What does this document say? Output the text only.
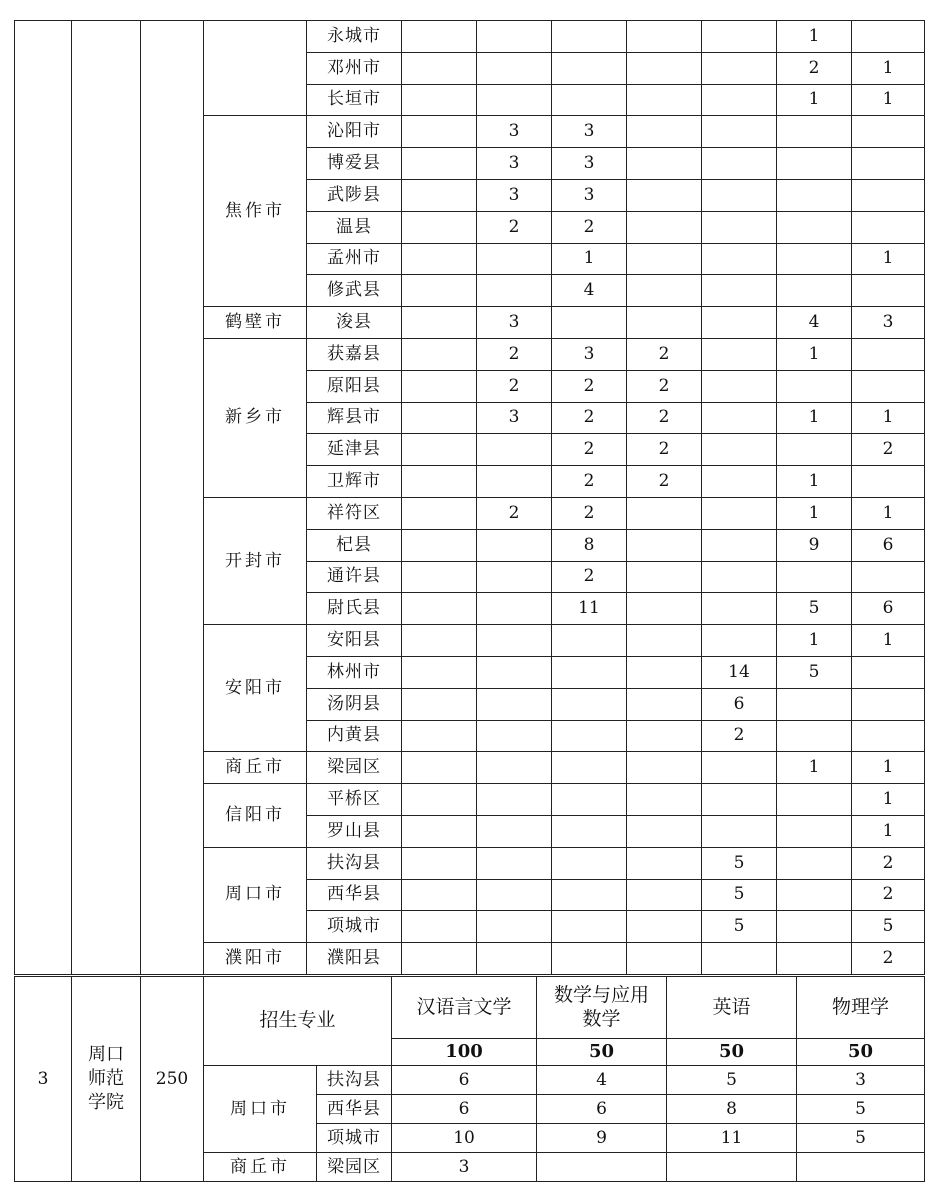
				永城市						1	
				邓州市						2	1
				长垣市						1	1
			焦作市	沁阳市		3	3				
				博爱县		3	3				
				武陟县		3	3				
				温县		2	2				
				孟州市			1				1
				修武县			4				
			鹤壁市	浚县		3				4	3
			新乡市	获嘉县		2	3	2		1	
				原阳县		2	2	2			
				辉县市		3	2	2		1	1
				延津县			2	2			2
				卫辉市			2	2		1	
			开封市	祥符区		2	2			1	1
				杞县			8			9	6
				通许县			2				
				尉氏县			11			5	6
			安阳市	安阳县						1	1
				林州市					14	5	
				汤阴县					6		
				内黄县					2		
			商丘市	梁园区						1	1
			信阳市	平桥区							1
				罗山县							1
			周口市	扶沟县					5		2
				西华县					5		2
				项城市					5		5
			濮阳市	濮阳县							2
3	周口师范学院	250	招生专业		汉语言文学	数学与应用数学	英语	物理学
					100	50	50	50
			周口市	扶沟县	6	4	5	3
				西华县	6	6	8	5
				项城市	10	9	11	5
			商丘市	梁园区	3			
